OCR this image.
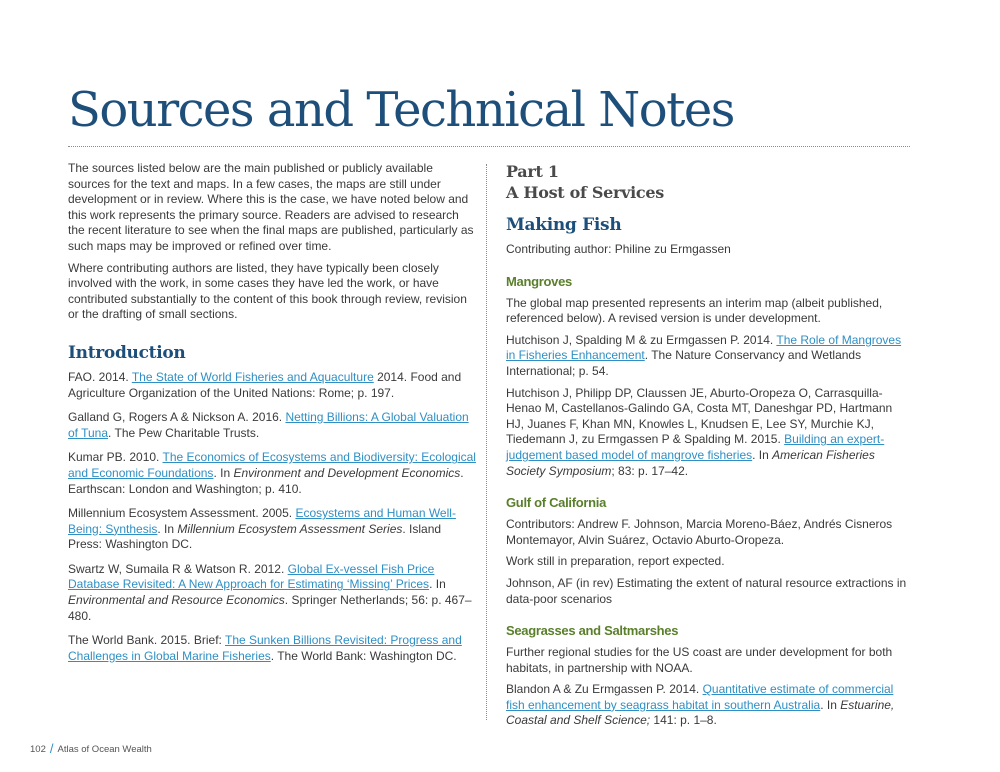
Sources and Technical Notes

The sources listed below are the main published or publicly available sources for the text and maps. In a few cases, the maps are still under development or in review. Where this is the case, we have noted below and this work represents the primary source. Readers are advised to research the recent literature to see when the final maps are published, particularly as such maps may be improved or refined over time.

Where contributing authors are listed, they have typically been closely involved with the work, in some cases they have led the work, or have contributed substantially to the content of this book through review, revision or the drafting of small sections.

Introduction

FAO. 2014. The State of World Fisheries and Aquaculture 2014. Food and Agriculture Organization of the United Nations: Rome; p. 197.

Galland G, Rogers A & Nickson A. 2016. Netting Billions: A Global Valuation of Tuna. The Pew Charitable Trusts.

Kumar PB. 2010. The Economics of Ecosystems and Biodiversity: Ecological and Economic Foundations. In Environment and Development Economics. Earthscan: London and Washington; p. 410.

Millennium Ecosystem Assessment. 2005. Ecosystems and Human Well-Being: Synthesis. In Millennium Ecosystem Assessment Series. Island Press: Washington DC.

Swartz W, Sumaila R & Watson R. 2012. Global Ex-vessel Fish Price Database Revisited: A New Approach for Estimating ‘Missing’ Prices. In Environmental and Resource Economics. Springer Netherlands; 56: p. 467–480.

The World Bank. 2015. Brief: The Sunken Billions Revisited: Progress and Challenges in Global Marine Fisheries. The World Bank: Washington DC.

Part 1
A Host of Services
Making Fish

Contributing author: Philine zu Ermgassen

Mangroves

The global map presented represents an interim map (albeit published, referenced below). A revised version is under development.

Hutchison J, Spalding M & zu Ermgassen P. 2014. The Role of Mangroves in Fisheries Enhancement. The Nature Conservancy and Wetlands International; p. 54.

Hutchison J, Philipp DP, Claussen JE, Aburto-Oropeza O, Carrasquilla-Henao M, Castellanos-Galindo GA, Costa MT, Daneshgar PD, Hartmann HJ, Juanes F, Khan MN, Knowles L, Knudsen E, Lee SY, Murchie KJ, Tiedemann J, zu Ermgassen P & Spalding M. 2015. Building an expert-judgement based model of mangrove fisheries. In American Fisheries Society Symposium; 83: p. 17–42.

Gulf of California

Contributors: Andrew F. Johnson, Marcia Moreno-Báez, Andrés Cisneros Montemayor, Alvin Suárez, Octavio Aburto-Oropeza.

Work still in preparation, report expected.

Johnson, AF (in rev) Estimating the extent of natural resource extractions in data-poor scenarios

Seagrasses and Saltmarshes

Further regional studies for the US coast are under development for both habitats, in partnership with NOAA.

Blandon A & Zu Ermgassen P. 2014. Quantitative estimate of commercial fish enhancement by seagrass habitat in southern Australia. In Estuarine, Coastal and Shelf Science; 141: p. 1–8.

102 / Atlas of Ocean Wealth
